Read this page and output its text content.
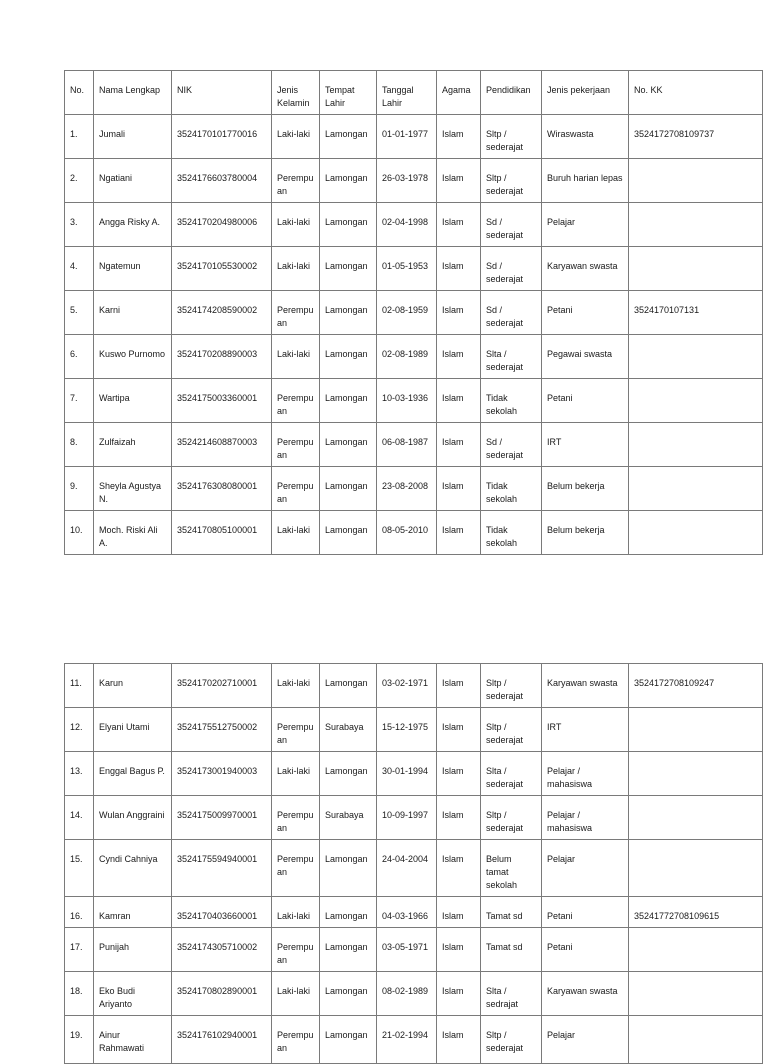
No.	Nama Lengkap	NIK	Jenis Kelamin	Tempat Lahir	Tanggal Lahir	Agama	Pendidikan	Jenis pekerjaan	No. KK
1.	Jumali	3524170101770016	Laki-laki	Lamongan	01-01-1977	Islam	Sltp / sederajat	Wiraswasta	3524172708109737
2.	Ngatiani	3524176603780004	Perempuan	Lamongan	26-03-1978	Islam	Sltp / sederajat	Buruh harian lepas	
3.	Angga Risky A.	3524170204980006	Laki-laki	Lamongan	02-04-1998	Islam	Sd / sederajat	Pelajar	
4.	Ngatemun	3524170105530002	Laki-laki	Lamongan	01-05-1953	Islam	Sd / sederajat	Karyawan swasta	
5.	Karni	3524174208590002	Perempuan	Lamongan	02-08-1959	Islam	Sd / sederajat	Petani	3524170107131
6.	Kuswo Purnomo	3524170208890003	Laki-laki	Lamongan	02-08-1989	Islam	Slta / sederajat	Pegawai swasta	
7.	Wartipa	3524175003360001	Perempuan	Lamongan	10-03-1936	Islam	Tidak sekolah	Petani	
8.	Zulfaizah	3524214608870003	Perempuan	Lamongan	06-08-1987	Islam	Sd / sederajat	IRT	
9.	Sheyla Agustya N.	3524176308080001	Perempuan	Lamongan	23-08-2008	Islam	Tidak sekolah	Belum bekerja	
10.	Moch. Riski Ali A.	3524170805100001	Laki-laki	Lamongan	08-05-2010	Islam	Tidak sekolah	Belum bekerja	
11.	Karun	3524170202710001	Laki-laki	Lamongan	03-02-1971	Islam	Sltp / sederajat	Karyawan swasta	3524172708109247
12.	Elyani Utami	3524175512750002	Perempuan	Surabaya	15-12-1975	Islam	Sltp / sederajat	IRT	
13.	Enggal Bagus P.	3524173001940003	Laki-laki	Lamongan	30-01-1994	Islam	Slta / sederajat	Pelajar / mahasiswa	
14.	Wulan Anggraini	3524175009970001	Perempuan	Surabaya	10-09-1997	Islam	Sltp / sederajat	Pelajar / mahasiswa	
15.	Cyndi Cahniya	3524175594940001	Perempuan	Lamongan	24-04-2004	Islam	Belum tamat sekolah	Pelajar	
16.	Kamran	3524170403660001	Laki-laki	Lamongan	04-03-1966	Islam	Tamat sd	Petani	35241772708109615
17.	Punijah	3524174305710002	Perempuan	Lamongan	03-05-1971	Islam	Tamat sd	Petani	
18.	Eko Budi Ariyanto	3524170802890001	Laki-laki	Lamongan	08-02-1989	Islam	Slta / sedrajat	Karyawan swasta	
19.	Ainur Rahmawati	3524176102940001	Perempuan	Lamongan	21-02-1994	Islam	Sltp / sederajat	Pelajar	
